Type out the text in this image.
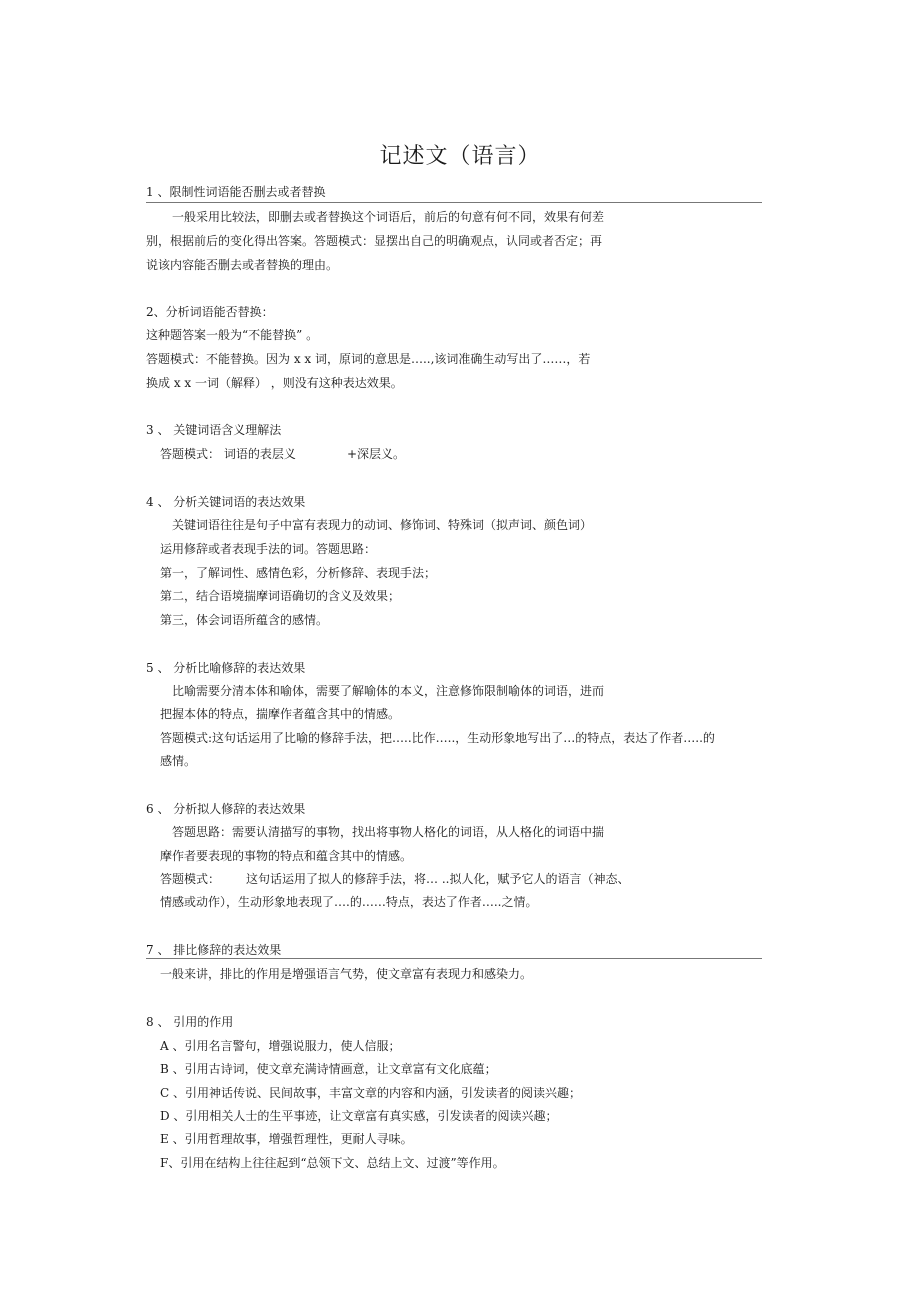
记述文（语言）
1 、限制性词语能否删去或者替换
一般采用比较法，即删去或者替换这个词语后，前后的句意有何不同，效果有何差
别，根据前后的变化得出答案。答题模式：显摆出自己的明确观点，认同或者否定；再
说该内容能否删去或者替换的理由。
2、分析词语能否替换：
这种题答案一般为“不能替换” 。
答题模式：不能替换。因为 x x 词，原词的意思是…..,该词准确生动写出了……，若
换成 x x 一词（解释） ，则没有这种表达效果。
3 、 关键词语含义理解法
答题模式： 词语的表层义	+深层义。
4 、 分析关键词语的表达效果
关键词语往往是句子中富有表现力的动词、修饰词、特殊词（拟声词、颜色词）
运用修辞或者表现手法的词。答题思路：
第一，了解词性、感情色彩，分析修辞、表现手法；
第二，结合语境揣摩词语确切的含义及效果；
第三，体会词语所蕴含的感情。
5 、 分析比喻修辞的表达效果
比喻需要分清本体和喻体，需要了解喻体的本义，注意修饰限制喻体的词语，进而
把握本体的特点，揣摩作者蕴含其中的情感。
答题模式:这句话运用了比喻的修辞手法，把…..比作…..，生动形象地写出了…的特点，表达了作者…..的
感情。
6 、 分析拟人修辞的表达效果
答题思路：需要认清描写的事物，找出将事物人格化的词语，从人格化的词语中揣
摩作者要表现的事物的特点和蕴含其中的情感。
答题模式： 这句话运用了拟人的修辞手法，将… ..拟人化，赋予它人的语言（神态、
情感或动作），生动形象地表现了….的……特点，表达了作者…..之情。
7 、 排比修辞的表达效果
一般来讲，排比的作用是增强语言气势，使文章富有表现力和感染力。
8 、 引用的作用
A 、引用名言警句，增强说服力，使人信服；
B 、引用古诗词，使文章充满诗情画意，让文章富有文化底蕴；
C 、引用神话传说、民间故事，丰富文章的内容和内涵，引发读者的阅读兴趣；
D 、引用相关人士的生平事迹，让文章富有真实感，引发读者的阅读兴趣；
E 、引用哲理故事，增强哲理性，更耐人寻味。
F、引用在结构上往往起到“总领下文、总结上文、过渡”等作用。
